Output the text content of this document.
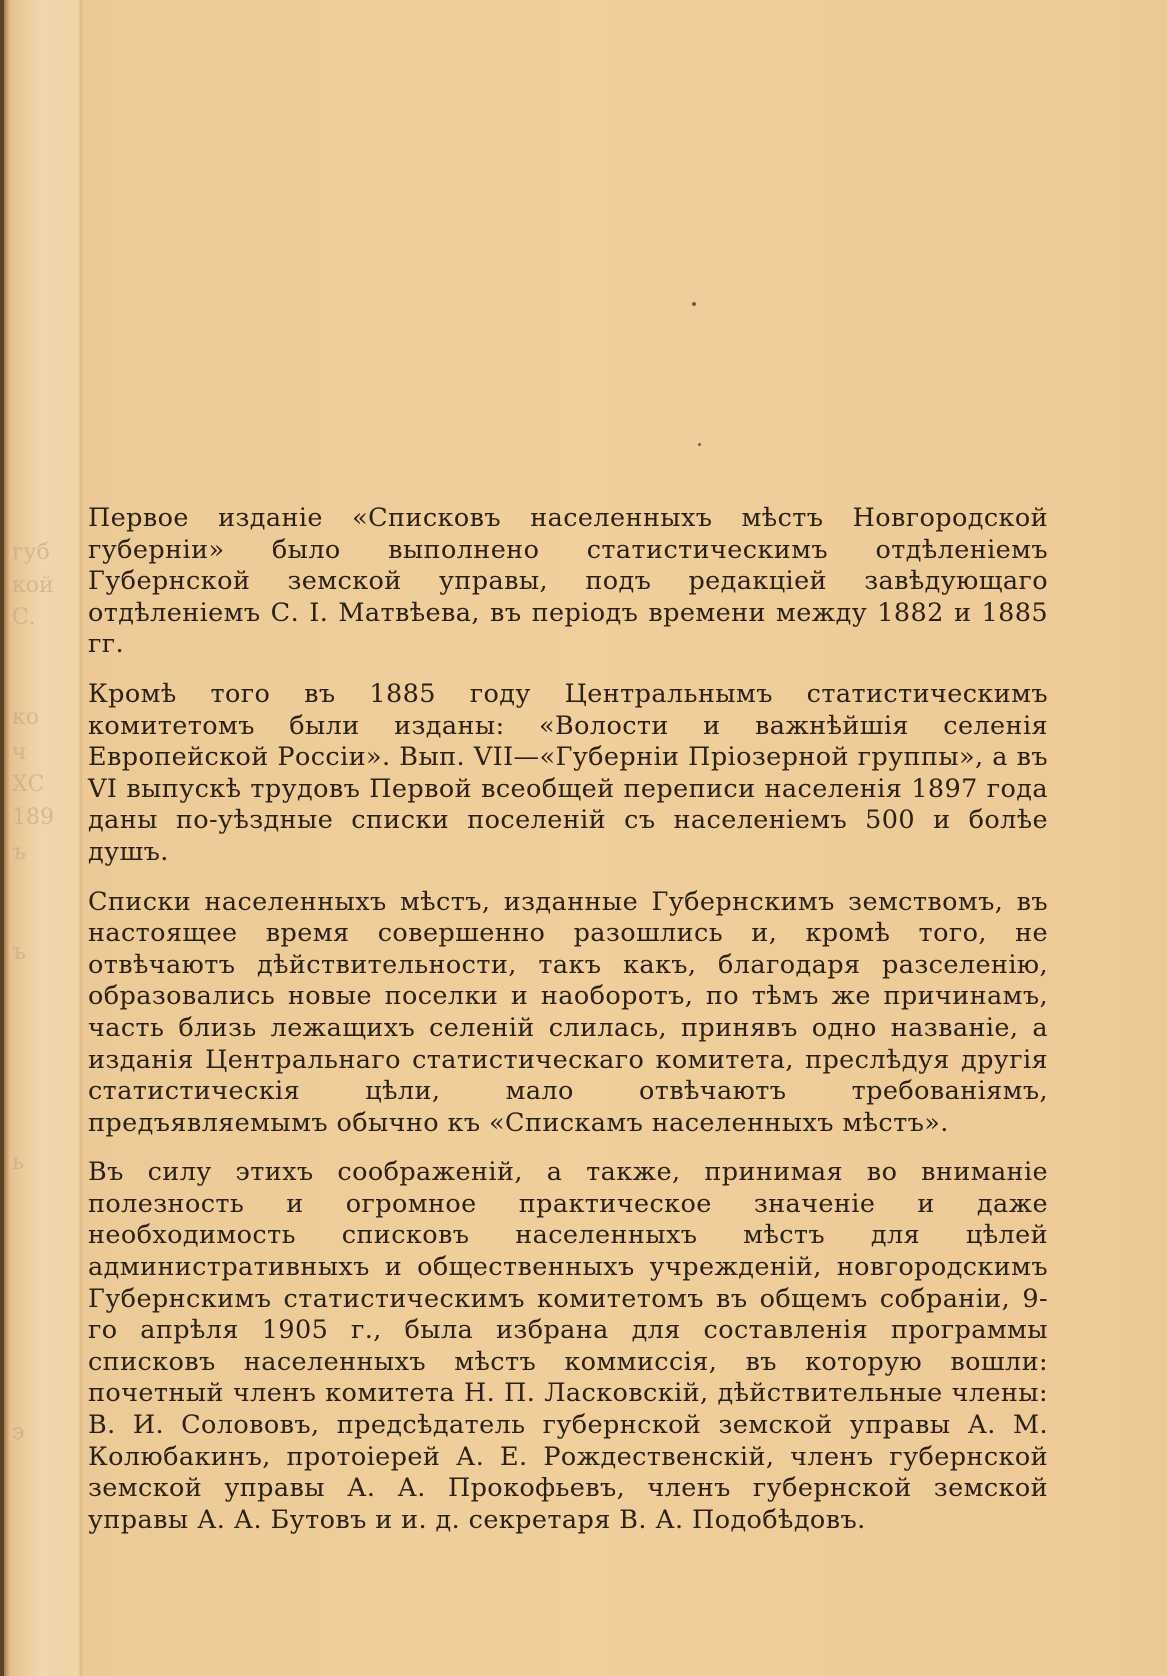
губ
кой
С.
ко
ч
ХС
189
ъ
ъ
ь
э

Первое изданіе «Списковъ населенныхъ мѣстъ Новгородской губерніи» было выполнено статистическимъ отдѣленіемъ Губернской земской управы, подъ редакціей завѣдующаго отдѣленіемъ С. І. Матвѣева, въ періодъ времени между 1882 и 1885 гг.

Кромѣ того въ 1885 году Центральнымъ статистическимъ комитетомъ были изданы: «Волости и важнѣйшія селенія Европейской Россіи». Вып. VII—«Губерніи Пріозерной группы», а въ VI выпускѣ трудовъ Первой всеобщей переписи населенія 1897 года даны по-уѣздные списки поселеній съ населеніемъ 500 и болѣе душъ.

Списки населенныхъ мѣстъ, изданные Губернскимъ земствомъ, въ настоящее время совершенно разошлись и, кромѣ того, не отвѣчаютъ дѣйствительности, такъ какъ, благодаря разселенію, образовались новые поселки и наоборотъ, по тѣмъ же причинамъ, часть близь лежащихъ селеній слилась, принявъ одно названіе, а изданія Центральнаго статистическаго комитета, преслѣдуя другія статистическія цѣли, мало отвѣчаютъ требованіямъ, предъявляемымъ обычно къ «Спискамъ населенныхъ мѣстъ».

Въ силу этихъ соображеній, а также, принимая во вниманіе полезность и огромное практическое значеніе и даже необходимость списковъ населенныхъ мѣстъ для цѣлей административныхъ и общественныхъ учрежденій, новгородскимъ Губернскимъ статистическимъ комитетомъ въ общемъ собраніи, 9-го апрѣля 1905 г., была избрана для составленія программы списковъ населенныхъ мѣстъ коммиссія, въ которую вошли: почетный членъ комитета Н. П. Ласковскій, дѣйствительные члены: В. И. Солововъ, предсѣдатель губернской земской управы А. М. Колюбакинъ, протоіерей А. Е. Рождественскій, членъ губернской земской управы А. А. Прокофьевъ, членъ губернской земской управы А. А. Бутовъ и и. д. секретаря В. А. Подобѣдовъ.
